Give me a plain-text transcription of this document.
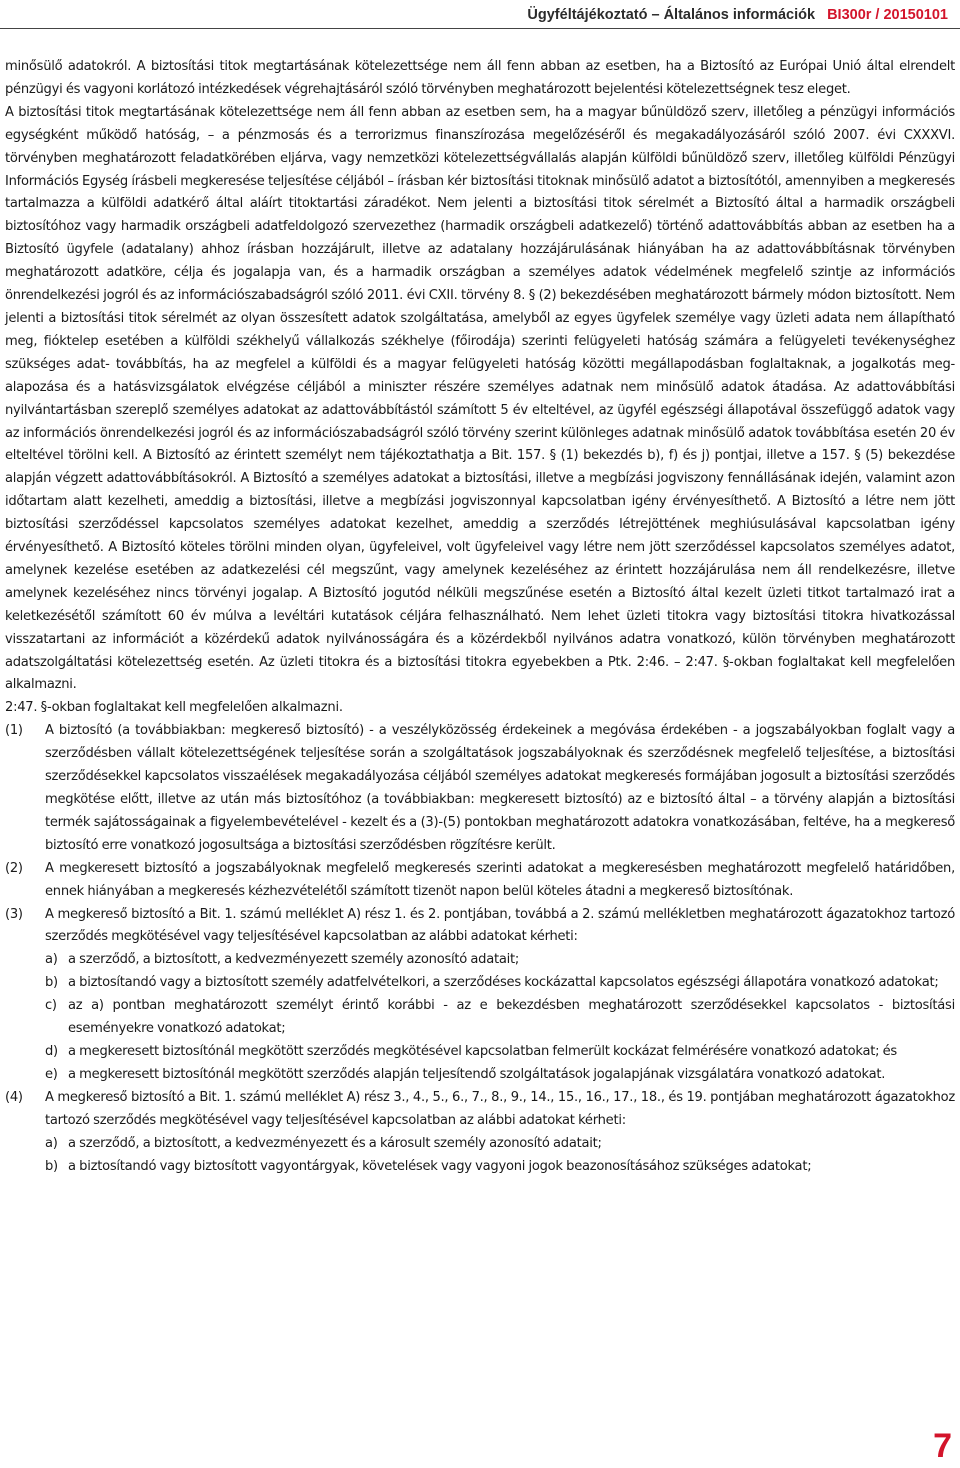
Ügyféltájékoztató – Általános információk BI300r / 20150101

minősülő adatokról. A biztosítási titok megtartásának kötelezettsége nem áll fenn abban az esetben, ha a Biztosító az Európai Unió által elrendelt pénzügyi és vagyoni korlátozó intézkedések végrehajtásáról szóló törvényben meghatározott bejelentési kötelezettségnek tesz eleget.

A biztosítási titok megtartásának kötelezettsége nem áll fenn abban az esetben sem, ha a magyar bűnüldöző szerv, illetőleg a pénzügyi információs egységként működő hatóság, – a pénzmosás és a terrorizmus finanszírozása megelőzéséről és megakadályozásáról szóló 2007. évi CXXXVI. törvényben meghatározott feladatkörében eljárva, vagy nemzetközi kötelezettségvállalás alapján külföldi bűnüldöző szerv, illetőleg külföldi Pénzügyi Információs Egység írásbeli megkeresése teljesítése céljából – írásban kér biztosítási titoknak minősülő adatot a biztosítótól, amennyiben a megkeresés tartalmazza a külföldi adatkérő által aláírt titoktartási záradékot. Nem jelenti a biztosítási titok sérelmét a Biztosító által a harmadik országbeli biztosítóhoz vagy harmadik országbeli adatfeldolgozó szervezethez (harmadik országbeli adatkezelő) történő adattovábbítás abban az esetben ha a Biztosító ügyfele (adatalany) ahhoz írásban hozzájárult, illetve az adatalany hozzájárulásának hiányában ha az adattovábbításnak törvényben meghatározott adatköre, célja és jogalapja van, és a harmadik országban a személyes adatok védelmének megfelelő szintje az információs önrendelkezési jogról és az információszabadságról szóló 2011. évi CXII. törvény 8. § (2) bekezdésében meghatározott bármely módon biztosított. Nem jelenti a biztosítási titok sérelmét az olyan összesített adatok szolgáltatása, amelyből az egyes ügyfelek személye vagy üzleti adata nem állapítható meg, fióktelep esetében a külföldi székhelyű vállalkozás székhelye (főirodája) szerinti felügyeleti hatóság számára a felügyeleti tevékenységhez szükséges adat- továbbítás, ha az megfelel a külföldi és a magyar felügyeleti hatóság közötti megállapodásban foglaltaknak, a jogalkotás meg- alapozása és a hatásvizsgálatok elvégzése céljából a miniszter részére személyes adatnak nem minősülő adatok átadása. Az adattovábbítási nyilvántartásban szereplő személyes adatokat az adattovábbítástól számított 5 év elteltével, az ügyfél egészségi állapotával összefüggő adatok vagy az információs önrendelkezési jogról és az információszabadságról szóló törvény szerint különleges adatnak minősülő adatok továbbítása esetén 20 év elteltével törölni kell. A Biztosító az érintett személyt nem tájékoztathatja a Bit. 157. § (1) bekezdés b), f) és j) pontjai, illetve a 157. § (5) bekezdése alapján végzett adattovábbításokról. A Biztosító a személyes adatokat a biztosítási, illetve a megbízási jogviszony fennállásának idején, valamint azon időtartam alatt kezelheti, ameddig a biztosítási, illetve a megbízási jogviszonnyal kapcsolatban igény érvényesíthető. A Biztosító a létre nem jött biztosítási szerződéssel kapcsolatos személyes adatokat kezelhet, ameddig a szerződés létrejöttének meghiúsulásával kapcsolatban igény érvényesíthető. A Biztosító köteles törölni minden olyan, ügyfeleivel, volt ügyfeleivel vagy létre nem jött szerződéssel kapcsolatos személyes adatot, amelynek kezelése esetében az adatkezelési cél megszűnt, vagy amelynek kezeléséhez az érintett hozzájárulása nem áll rendelkezésre, illetve amelynek kezeléséhez nincs törvényi jogalap. A Biztosító jogutód nélküli megszűnése esetén a Biztosító által kezelt üzleti titkot tartalmazó irat a keletkezésétől számított 60 év múlva a levéltári kutatások céljára felhasználható. Nem lehet üzleti titokra vagy biztosítási titokra hivatkozással visszatartani az információt a közérdekű adatok nyilvánosságára és a közérdekből nyilvános adatra vonatkozó, külön törvényben meghatározott adatszolgáltatási kötelezettség esetén. Az üzleti titokra és a biztosítási titokra egyebekben a Ptk. 2:46. – 2:47. §-okban foglaltakat kell megfelelően alkalmazni.

2:47. §-okban foglaltakat kell megfelelően alkalmazni.

(1) A biztosító (a továbbiakban: megkereső biztosító) - a veszélyközösség érdekeinek a megóvása érdekében - a jogszabályokban foglalt vagy a szerződésben vállalt kötelezettségének teljesítése során a szolgáltatások jogszabályoknak és szerződésnek megfelelő teljesítése, a biztosítási szerződésekkel kapcsolatos visszaélések megakadályozása céljából személyes adatokat megkeresés formájában jogosult a biztosítási szerződés megkötése előtt, illetve az után más biztosítóhoz (a továbbiakban: megkeresett biztosító) az e biztosító által – a törvény alapján a biztosítási termék sajátosságainak a figyelembevételével - kezelt és a (3)-(5) pontokban meghatározott adatokra vonatkozásában, feltéve, ha a megkereső biztosító erre vonatkozó jogosultsága a biztosítási szerződésben rögzítésre került.
(2) A megkeresett biztosító a jogszabályoknak megfelelő megkeresés szerinti adatokat a megkeresésben meghatározott megfelelő határidőben, ennek hiányában a megkeresés kézhezvételétől számított tizenöt napon belül köteles átadni a megkereső biztosítónak.
(3) A megkereső biztosító a Bit. 1. számú melléklet A) rész 1. és 2. pontjában, továbbá a 2. számú mellékletben meghatározott ágazatokhoz tartozó szerződés megkötésével vagy teljesítésével kapcsolatban az alábbi adatokat kérheti:
a) a szerződő, a biztosított, a kedvezményezett személy azonosító adatait;
b) a biztosítandó vagy a biztosított személy adatfelvételkori, a szerződéses kockázattal kapcsolatos egészségi állapotára vonatkozó adatokat;
c) az a) pontban meghatározott személyt érintő korábbi - az e bekezdésben meghatározott szerződésekkel kapcsolatos - biztosítási eseményekre vonatkozó adatokat;
d) a megkeresett biztosítónál megkötött szerződés megkötésével kapcsolatban felmerült kockázat felmérésére vonatkozó adatokat; és
e) a megkeresett biztosítónál megkötött szerződés alapján teljesítendő szolgáltatások jogalapjának vizsgálatára vonatkozó adatokat.
(4) A megkereső biztosító a Bit. 1. számú melléklet A) rész 3., 4., 5., 6., 7., 8., 9., 14., 15., 16., 17., 18., és 19. pontjában meghatározott ágazatokhoz tartozó szerződés megkötésével vagy teljesítésével kapcsolatban az alábbi adatokat kérheti:
a) a szerződő, a biztosított, a kedvezményezett és a károsult személy azonosító adatait;
b) a biztosítandó vagy biztosított vagyontárgyak, követelések vagy vagyoni jogok beazonosításához szükséges adatokat;
7
